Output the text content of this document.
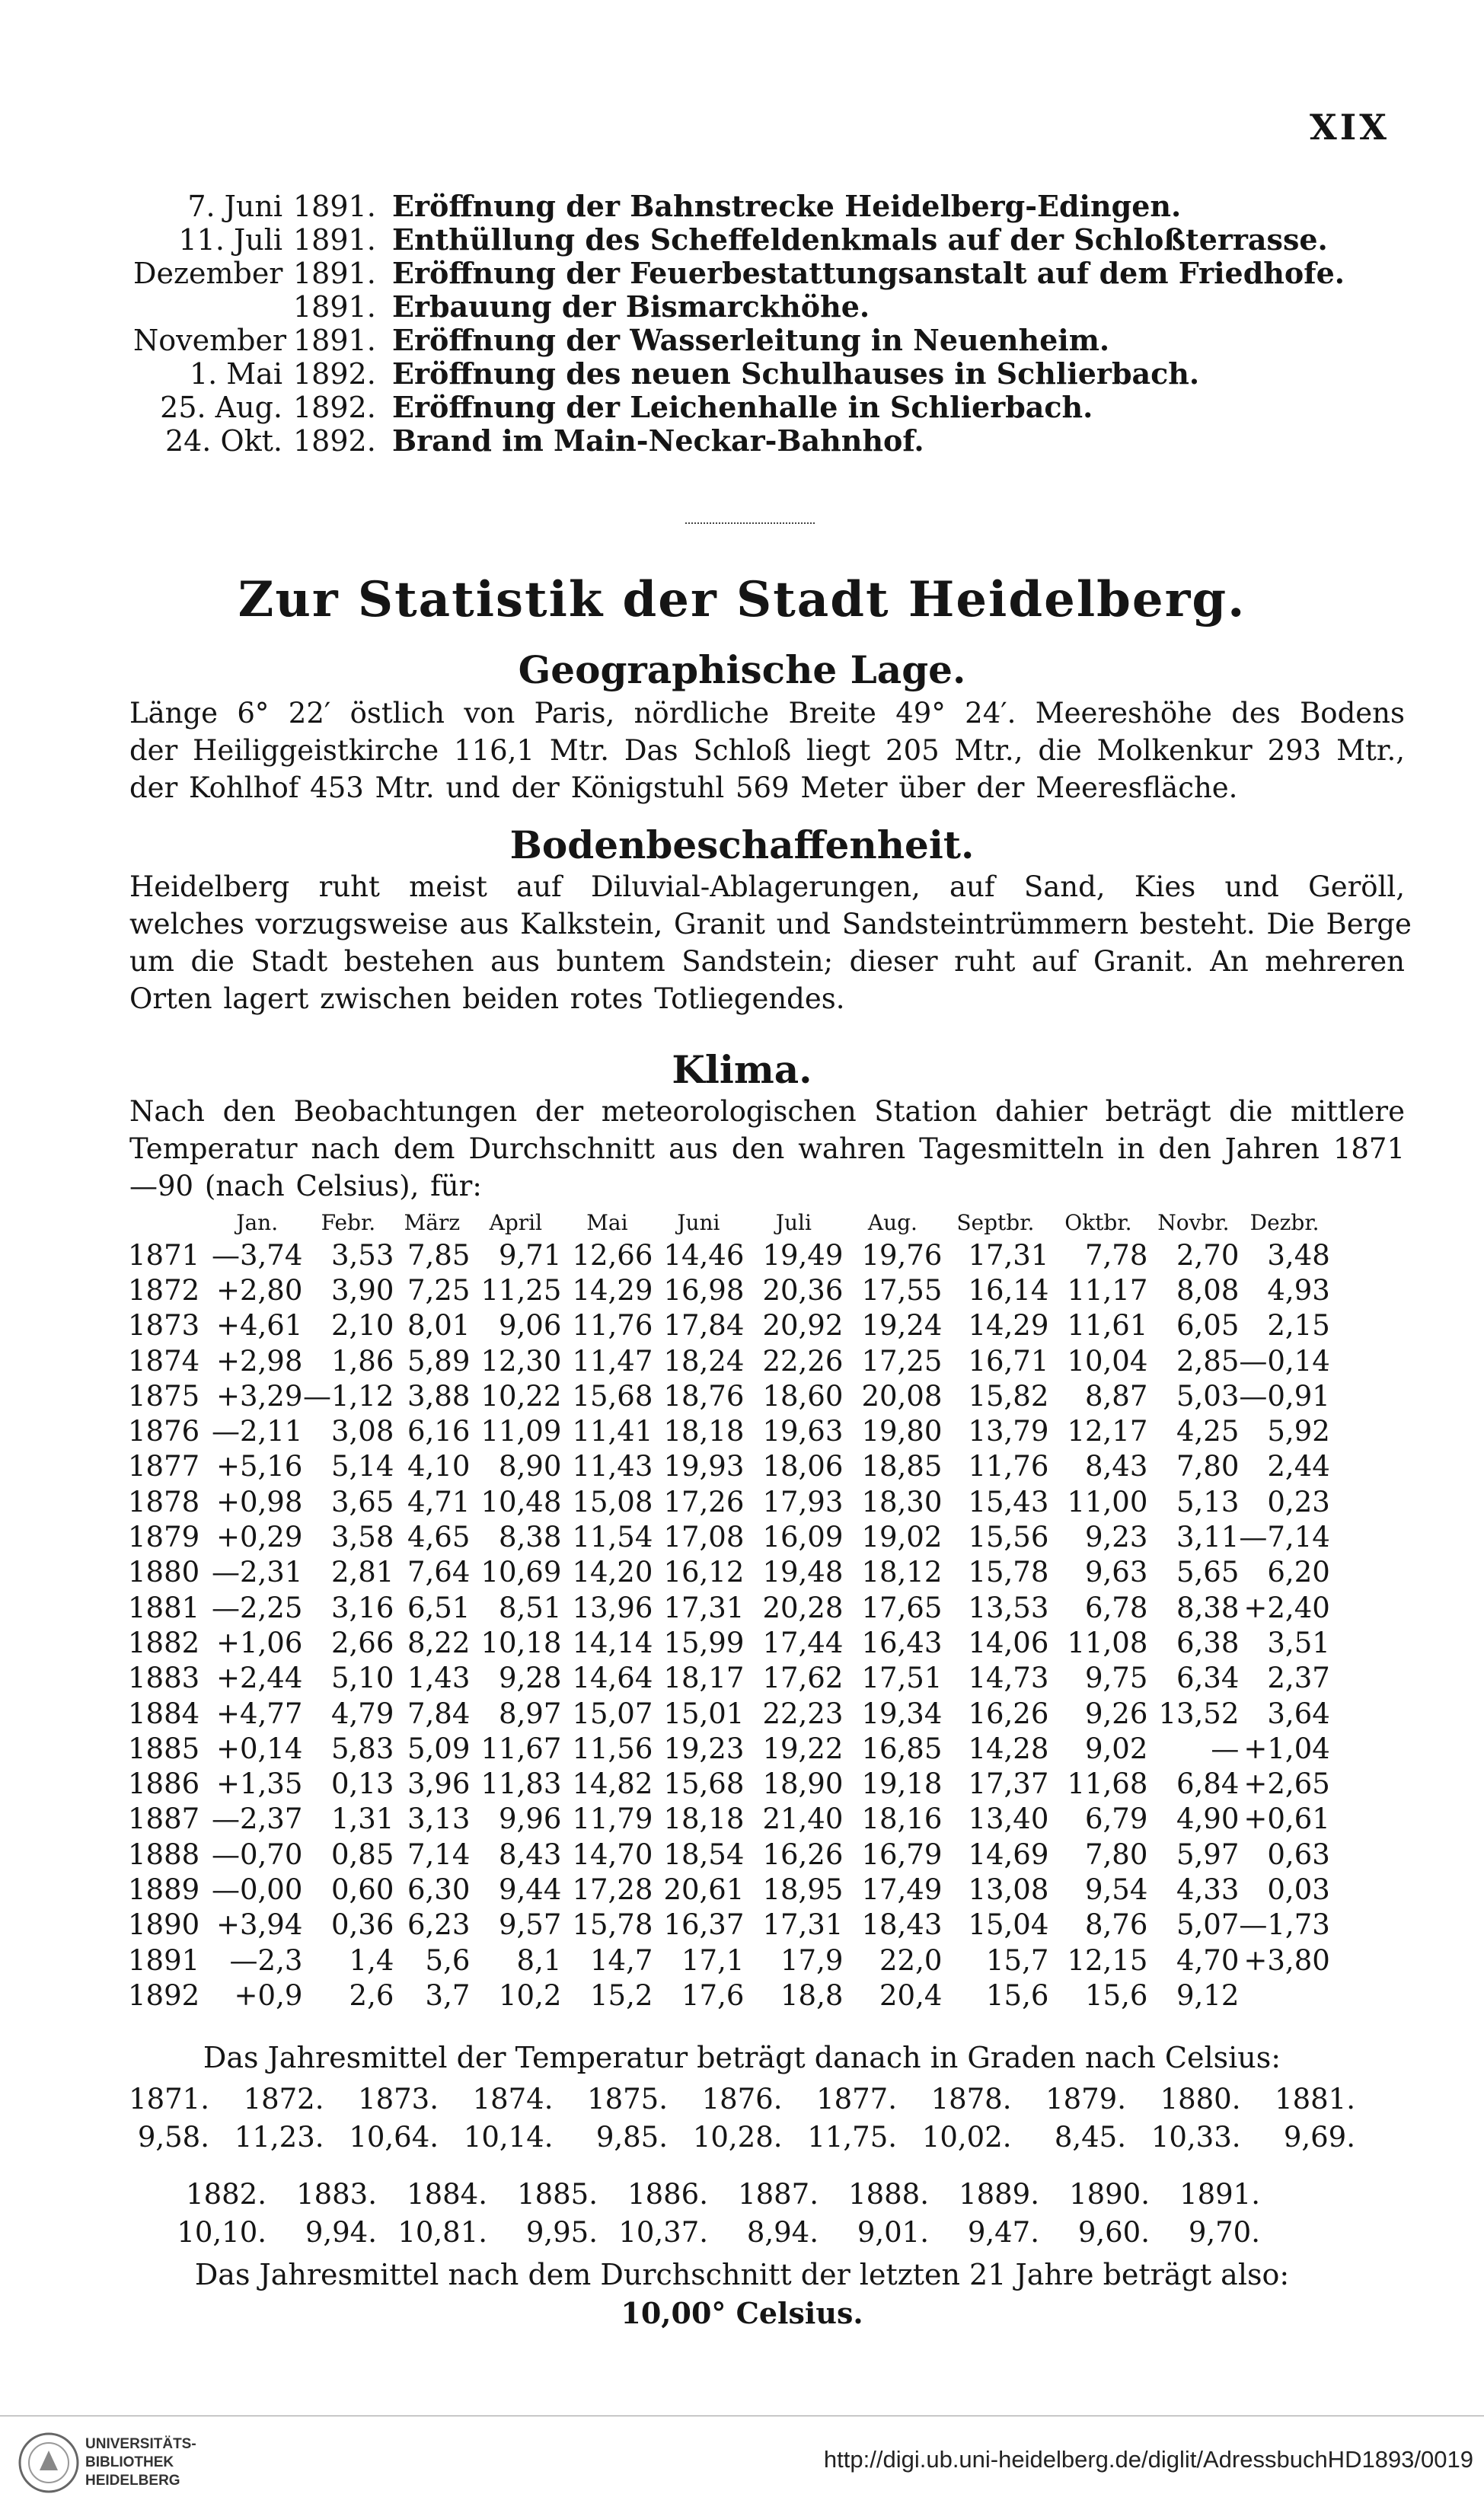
XIX
7. Juni 1891. Eröffnung der Bahnstrecke Heidelberg-Edingen.
11. Juli 1891. Enthüllung des Scheffeldenkmals auf der Schloßterrasse.
Dezember 1891. Eröffnung der Feuerbestattungsanstalt auf dem Friedhofe.
1891. Erbauung der Bismarckhöhe.
November 1891. Eröffnung der Wasserleitung in Neuenheim.
1. Mai 1892. Eröffnung des neuen Schulhauses in Schlierbach.
25. Aug. 1892. Eröffnung der Leichenhalle in Schlierbach.
24. Okt. 1892. Brand im Main-Neckar-Bahnhof.
Zur Statistik der Stadt Heidelberg.
Geographische Lage.
Länge 6° 22′ östlich von Paris, nördliche Breite 49° 24′. Meereshöhe des Bodens
der Heiliggeistkirche 116,1 Mtr. Das Schloß liegt 205 Mtr., die Molkenkur 293 Mtr.,
der Kohlhof 453 Mtr. und der Königstuhl 569 Meter über der Meeresfläche.
Bodenbeschaffenheit.
Heidelberg ruht meist auf Diluvial-Ablagerungen, auf Sand, Kies und Geröll,
welches vorzugsweise aus Kalkstein, Granit und Sandsteintrümmern besteht. Die Berge
um die Stadt bestehen aus buntem Sandstein; dieser ruht auf Granit. An mehreren
Orten lagert zwischen beiden rotes Totliegendes.
Klima.
Nach den Beobachtungen der meteorologischen Station dahier beträgt die mittlere
Temperatur nach dem Durchschnitt aus den wahren Tagesmitteln in den Jahren 1871
—90 (nach Celsius), für:
	Jan.	Febr.	März	April	Mai	Juni	Juli	Aug.	Septbr.	Oktbr.	Novbr.	Dezbr.
1871	—3,74	3,53	7,85	9,71	12,66	14,46	19,49	19,76	17,31	7,78	2,70	3,48
1872	+2,80	3,90	7,25	11,25	14,29	16,98	20,36	17,55	16,14	11,17	8,08	4,93
1873	+4,61	2,10	8,01	9,06	11,76	17,84	20,92	19,24	14,29	11,61	6,05	2,15
1874	+2,98	1,86	5,89	12,30	11,47	18,24	22,26	17,25	16,71	10,04	2,85	—0,14
1875	+3,29	—1,12	3,88	10,22	15,68	18,76	18,60	20,08	15,82	8,87	5,03	—0,91
1876	—2,11	3,08	6,16	11,09	11,41	18,18	19,63	19,80	13,79	12,17	4,25	5,92
1877	+5,16	5,14	4,10	8,90	11,43	19,93	18,06	18,85	11,76	8,43	7,80	2,44
1878	+0,98	3,65	4,71	10,48	15,08	17,26	17,93	18,30	15,43	11,00	5,13	0,23
1879	+0,29	3,58	4,65	8,38	11,54	17,08	16,09	19,02	15,56	9,23	3,11	—7,14
1880	—2,31	2,81	7,64	10,69	14,20	16,12	19,48	18,12	15,78	9,63	5,65	6,20
1881	—2,25	3,16	6,51	8,51	13,96	17,31	20,28	17,65	13,53	6,78	8,38	+2,40
1882	+1,06	2,66	8,22	10,18	14,14	15,99	17,44	16,43	14,06	11,08	6,38	3,51
1883	+2,44	5,10	1,43	9,28	14,64	18,17	17,62	17,51	14,73	9,75	6,34	2,37
1884	+4,77	4,79	7,84	8,97	15,07	15,01	22,23	19,34	16,26	9,26	13,52	3,64
1885	+0,14	5,83	5,09	11,67	11,56	19,23	19,22	16,85	14,28	9,02	—	+1,04
1886	+1,35	0,13	3,96	11,83	14,82	15,68	18,90	19,18	17,37	11,68	6,84	+2,65
1887	—2,37	1,31	3,13	9,96	11,79	18,18	21,40	18,16	13,40	6,79	4,90	+0,61
1888	—0,70	0,85	7,14	8,43	14,70	18,54	16,26	16,79	14,69	7,80	5,97	0,63
1889	—0,00	0,60	6,30	9,44	17,28	20,61	18,95	17,49	13,08	9,54	4,33	0,03
1890	+3,94	0,36	6,23	9,57	15,78	16,37	17,31	18,43	15,04	8,76	5,07	—1,73
1891	—2,3	1,4	5,6	8,1	14,7	17,1	17,9	22,0	15,7	12,15	4,70	+3,80
1892	+0,9	2,6	3,7	10,2	15,2	17,6	18,8	20,4	15,6	15,6	9,12	
Das Jahresmittel der Temperatur beträgt danach in Graden nach Celsius:
1871.	1872.	1873.	1874.	1875.	1876.	1877.	1878.	1879.	1880.	1881.
9,58. 11,23. 10,64. 10,14.	9,85. 10,28. 11,75. 10,02.	8,45. 10,33.	9,69.
1882.	1883.	1884.	1885.	1886.	1887.	1888.	1889.	1890.	1891.
10,10.	9,94. 10,81.	9,95. 10,37.	8,94.	9,01.	9,47.	9,60.	9,70.
Das Jahresmittel nach dem Durchschnitt der letzten 21 Jahre beträgt also:
10,00° Celsius.
UNIVERSITÄTS-
BIBLIOTHEK
HEIDELBERG
http://digi.ub.uni-heidelberg.de/diglit/AdressbuchHD1893/0019
